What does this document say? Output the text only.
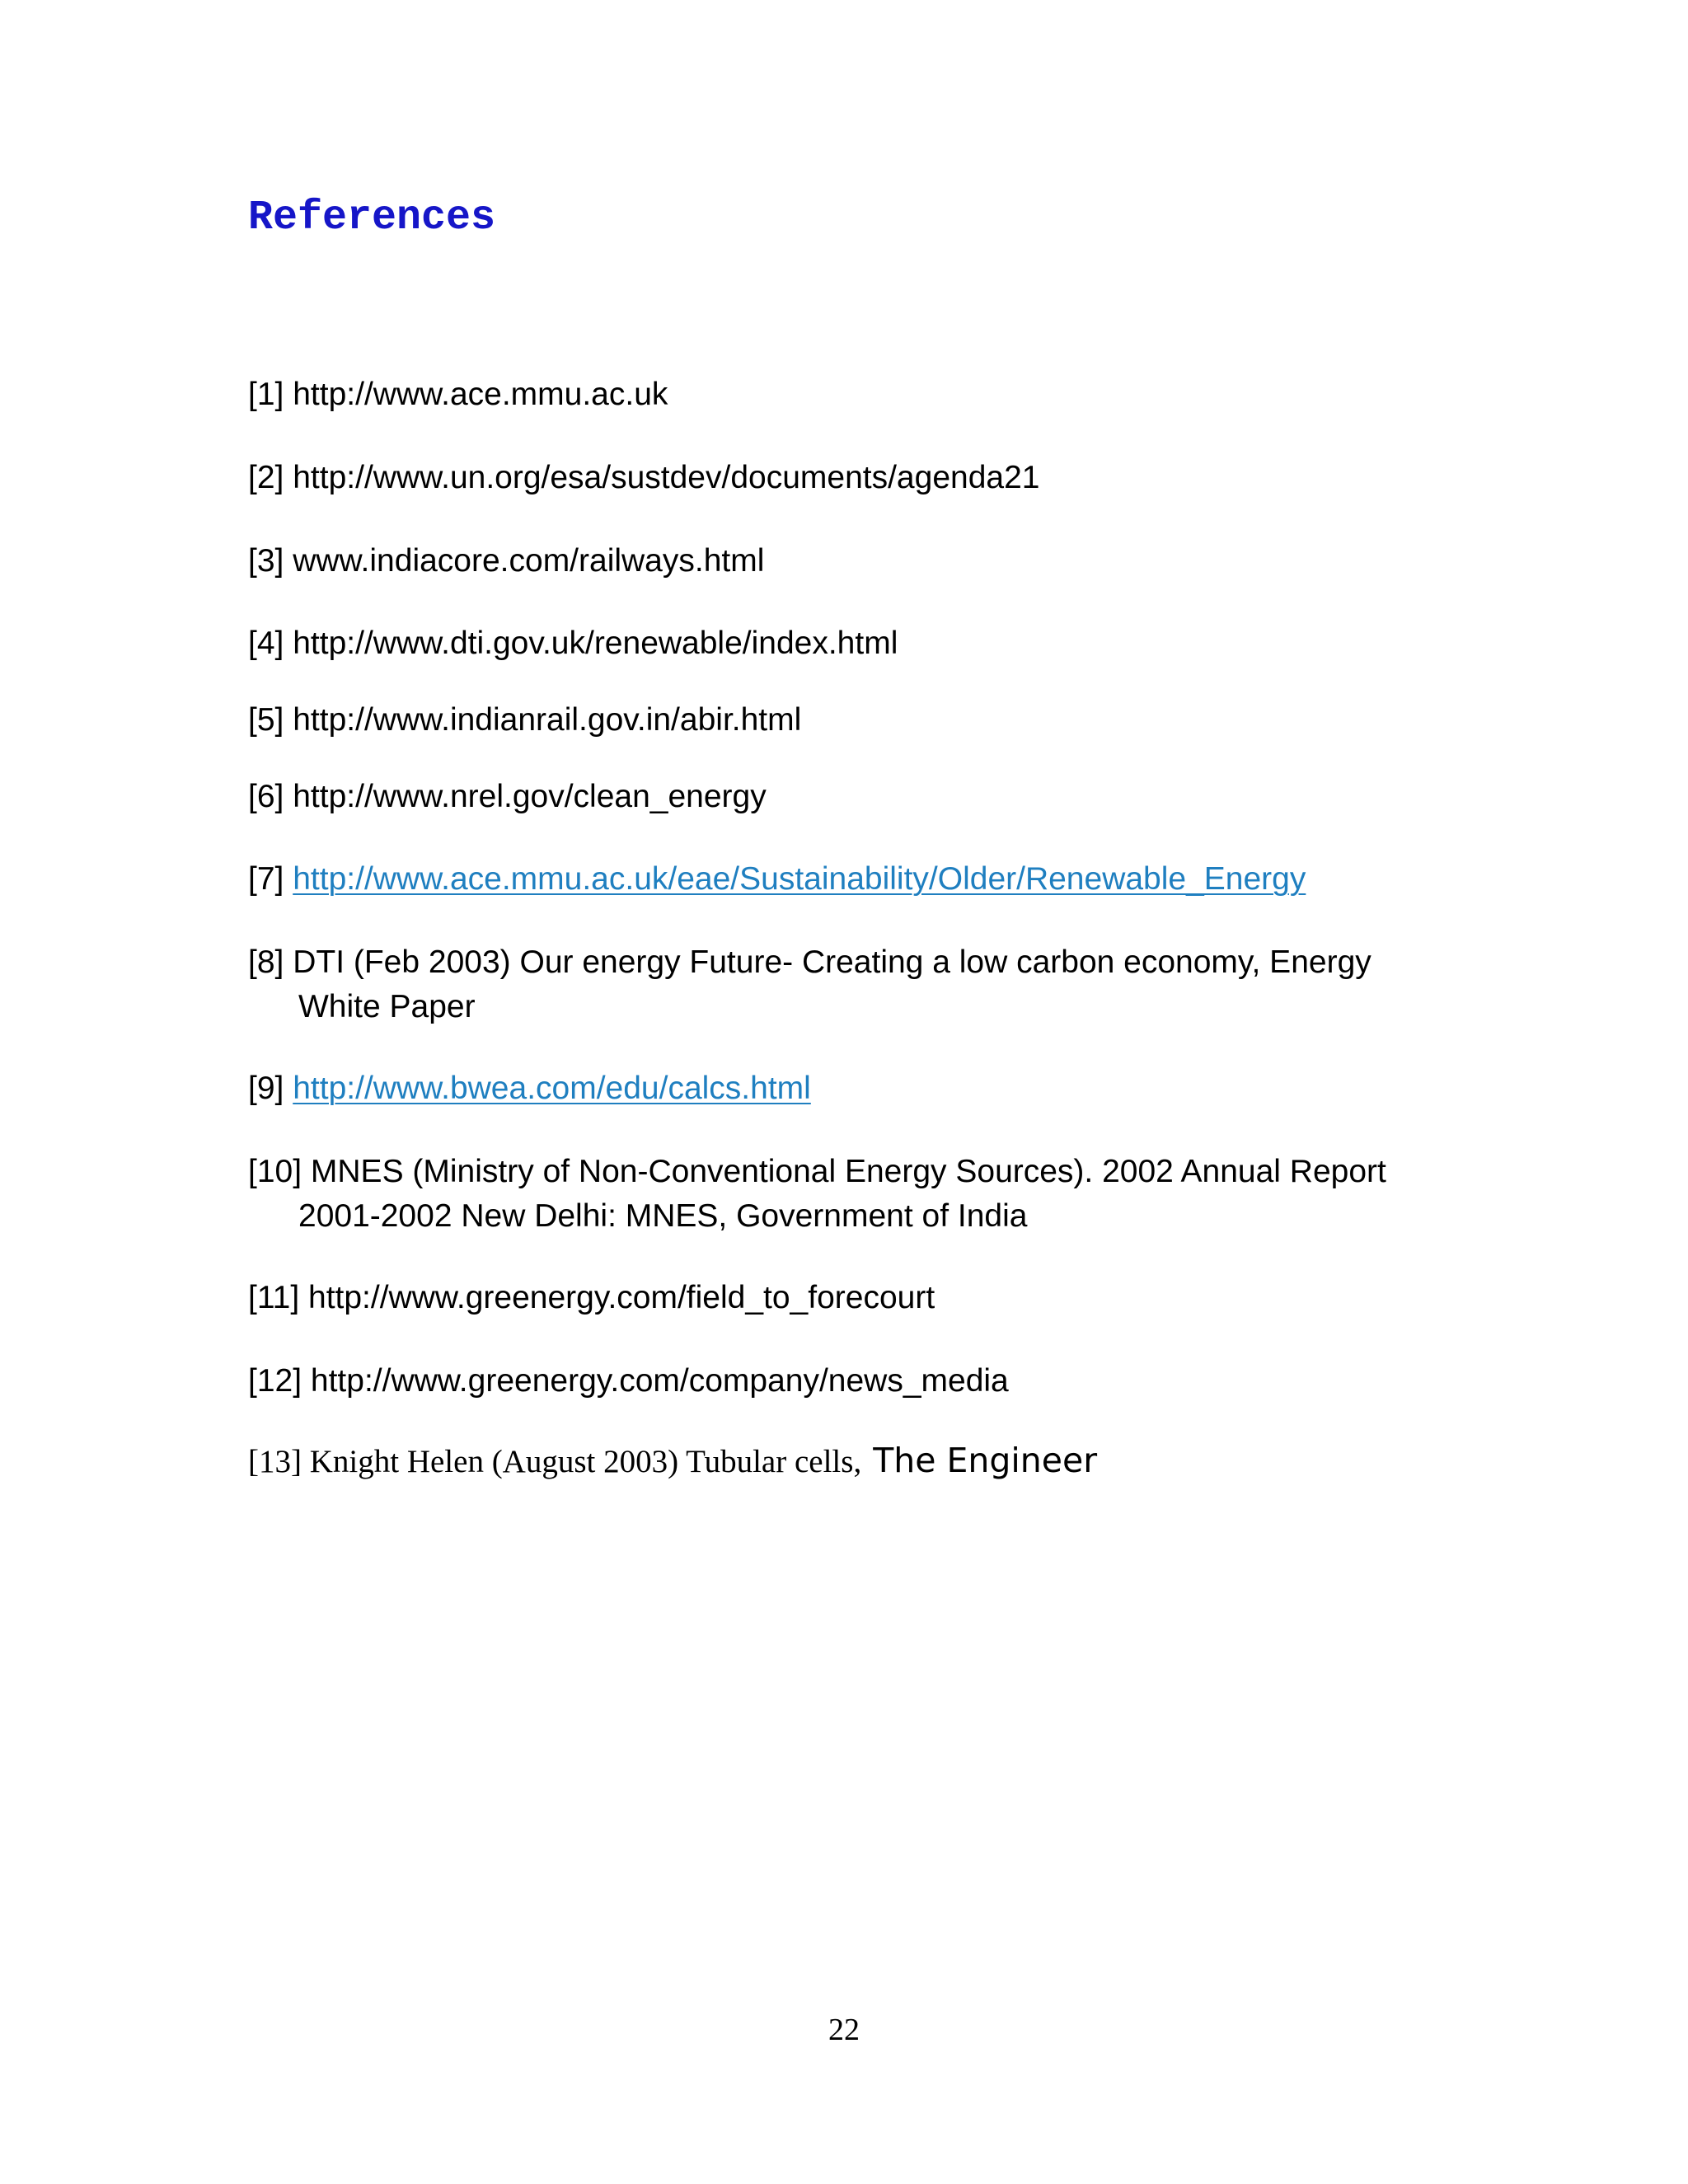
References

[1] http://www.ace.mmu.ac.uk

[2] http://www.un.org/esa/sustdev/documents/agenda21

[3] www.indiacore.com/railways.html

[4] http://www.dti.gov.uk/renewable/index.html

[5] http://www.indianrail.gov.in/abir.html

[6] http://www.nrel.gov/clean_energy

[7] http://www.ace.mmu.ac.uk/eae/Sustainability/Older/Renewable_Energy

[8] DTI (Feb 2003) Our energy Future- Creating a low carbon economy, Energy
White Paper

[9] http://www.bwea.com/edu/calcs.html

[10] MNES (Ministry of Non-Conventional Energy Sources). 2002 Annual Report
2001-2002 New Delhi: MNES, Government of India

[11] http://www.greenergy.com/field_to_forecourt

[12] http://www.greenergy.com/company/news_media

[13] Knight Helen (August 2003) Tubular cells, The Engineer

22
